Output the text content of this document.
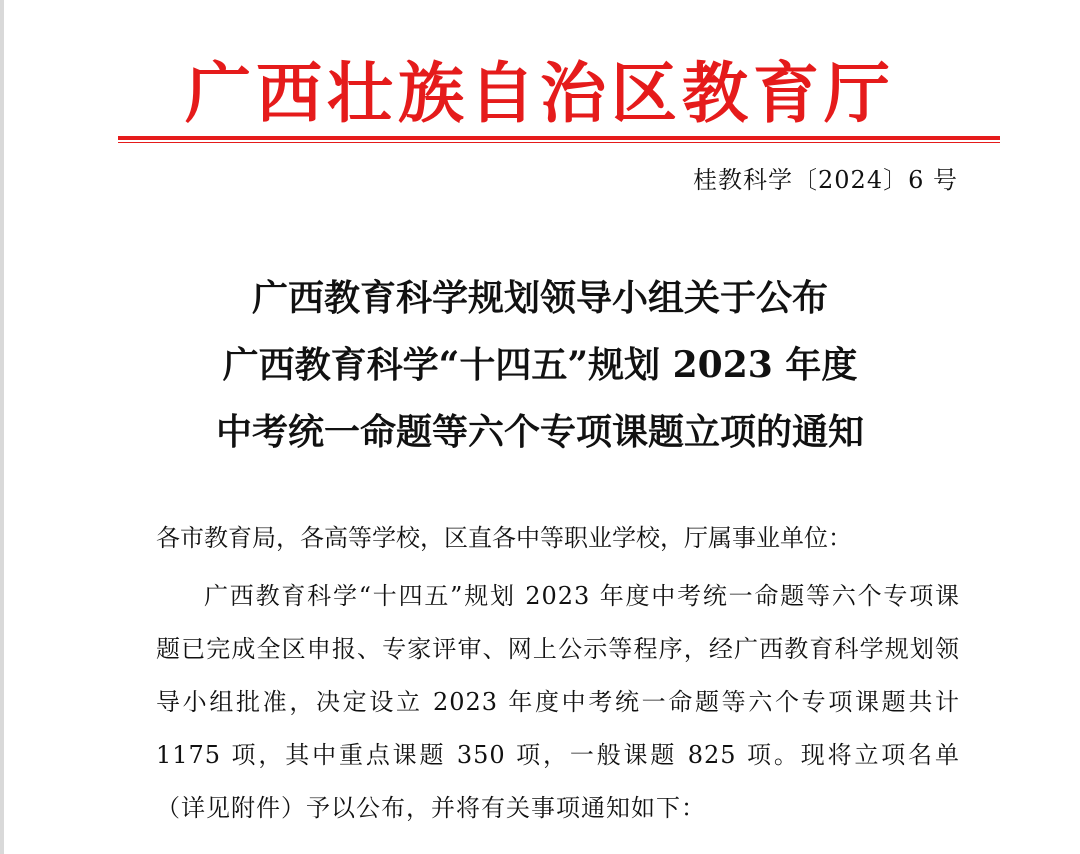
广西壮族自治区教育厅
桂教科学〔2024〕6 号
广西教育科学规划领导小组关于公布
广西教育科学“十四五”规划 2023 年度
中考统一命题等六个专项课题立项的通知
各市教育局，各高等学校，区直各中等职业学校，厅属事业单位：
广西教育科学“十四五”规划 2023 年度中考统一命题等六个专项课题已完成全区申报、专家评审、网上公示等程序，经广西教育科学规划领导小组批准，决定设立 2023 年度中考统一命题等六个专项课题共计 1175 项，其中重点课题 350 项，一般课题 825 项。现将立项名单（详见附件）予以公布，并将有关事项通知如下：
